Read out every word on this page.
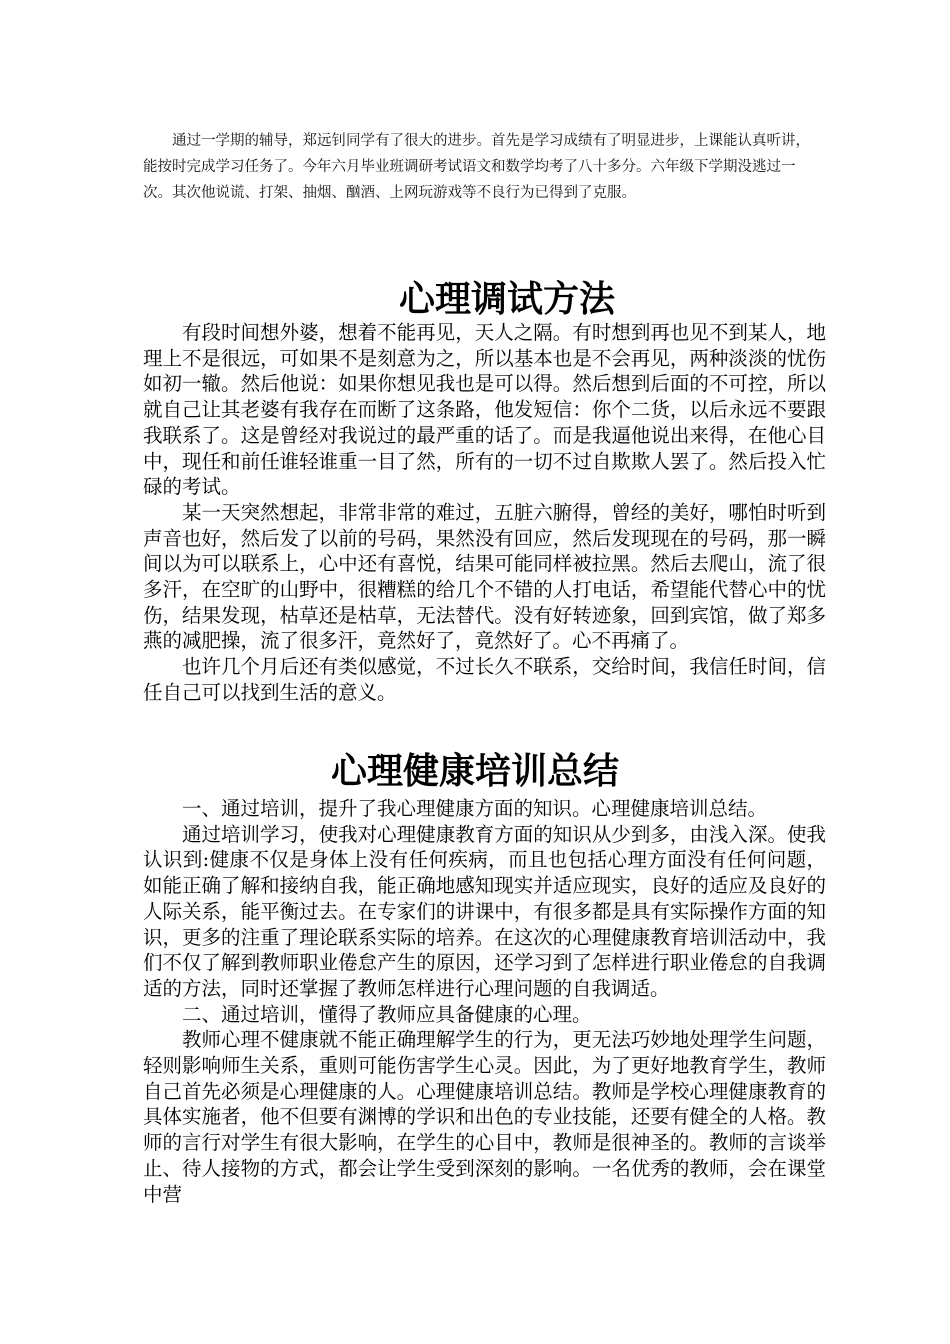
通过一学期的辅导，郑远钊同学有了很大的进步。首先是学习成绩有了明显进步，上课能认真听讲，能按时完成学习任务了。今年六月毕业班调研考试语文和数学均考了八十多分。六年级下学期没逃过一次。其次他说谎、打架、抽烟、酗酒、上网玩游戏等不良行为已得到了克服。

心理调试方法

有段时间想外婆，想着不能再见，天人之隔。有时想到再也见不到某人，地理上不是很远，可如果不是刻意为之，所以基本也是不会再见，两种淡淡的忧伤如初一辙。然后他说：如果你想见我也是可以得。然后想到后面的不可控，所以就自己让其老婆有我存在而断了这条路，他发短信：你个二货，以后永远不要跟我联系了。这是曾经对我说过的最严重的话了。而是我逼他说出来得，在他心目中，现任和前任谁轻谁重一目了然，所有的一切不过自欺欺人罢了。然后投入忙碌的考试。

某一天突然想起，非常非常的难过，五脏六腑得，曾经的美好，哪怕时听到声音也好，然后发了以前的号码，果然没有回应，然后发现现在的号码，那一瞬间以为可以联系上，心中还有喜悦，结果可能同样被拉黑。然后去爬山，流了很多汗，在空旷的山野中，很糟糕的给几个不错的人打电话，希望能代替心中的忧伤，结果发现，枯草还是枯草，无法替代。没有好转迹象，回到宾馆，做了郑多燕的减肥操，流了很多汗，竟然好了，竟然好了。心不再痛了。

也许几个月后还有类似感觉，不过长久不联系，交给时间，我信任时间，信任自己可以找到生活的意义。

心理健康培训总结

一、通过培训，提升了我心理健康方面的知识。心理健康培训总结。

通过培训学习，使我对心理健康教育方面的知识从少到多，由浅入深。使我认识到:健康不仅是身体上没有任何疾病，而且也包括心理方面没有任何问题，如能正确了解和接纳自我，能正确地感知现实并适应现实，良好的适应及良好的人际关系，能平衡过去。在专家们的讲课中，有很多都是具有实际操作方面的知识，更多的注重了理论联系实际的培养。在这次的心理健康教育培训活动中，我们不仅了解到教师职业倦怠产生的原因，还学习到了怎样进行职业倦怠的自我调适的方法，同时还掌握了教师怎样进行心理问题的自我调适。

二、通过培训，懂得了教师应具备健康的心理。

教师心理不健康就不能正确理解学生的行为，更无法巧妙地处理学生问题，轻则影响师生关系，重则可能伤害学生心灵。因此，为了更好地教育学生，教师自己首先必须是心理健康的人。心理健康培训总结。教师是学校心理健康教育的具体实施者，他不但要有渊博的学识和出色的专业技能，还要有健全的人格。教师的言行对学生有很大影响，在学生的心目中，教师是很神圣的。教师的言谈举止、待人接物的方式，都会让学生受到深刻的影响。一名优秀的教师，会在课堂中营
